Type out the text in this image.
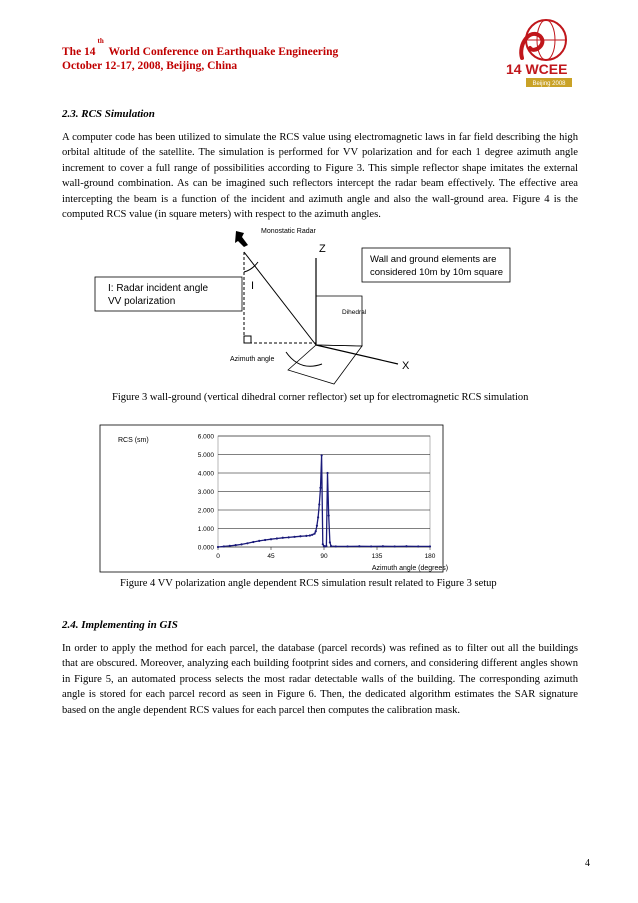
The 14th World Conference on Earthquake Engineering
October 12-17, 2008, Beijing, China	14 WCEE
Beijing 2008
2.3. RCS Simulation
A computer code has been utilized to simulate the RCS value using electromagnetic laws in far field describing the high orbital altitude of the satellite. The simulation is performed for VV polarization and for each 1 degree azimuth angle increment to cover a full range of possibilities according to Figure 3. This simple reflector shape imitates the external wall-ground combination. As can be imagined such reflectors intercept the radar beam effectively. The effective area intercepting the beam is a function of the incident and azimuth angle and also the wall-ground area. Figure 4 is the computed RCS value (in square meters) with respect to the azimuth angles.
Monostatic Radar
I
Z
X
Dihedral
Azimuth angle
I: Radar incident angle
VV polarization
Wall and ground elements are
considered 10m by 10m square
Figure 3 wall-ground (vertical dihedral corner reflector) set up for electromagnetic RCS simulation
RCS (sm)
0.000
1.000
2.000
3.000
4.000
5.000
6.000
0	45	90	135	180
Azimuth angle (degrees)
Figure 4 VV polarization angle dependent RCS simulation result related to Figure 3 setup
2.4. Implementing in GIS
In order to apply the method for each parcel, the database (parcel records) was refined as to filter out all the buildings that are obscured. Moreover, analyzing each building footprint sides and corners, and considering different angles shown in Figure 5, an automated process selects the most radar detectable walls of the building. The corresponding azimuth angle is stored for each parcel record as seen in Figure 6. Then, the dedicated algorithm estimates the SAR signature based on the angle dependent RCS values for each parcel then computes the calibration mask.
4
